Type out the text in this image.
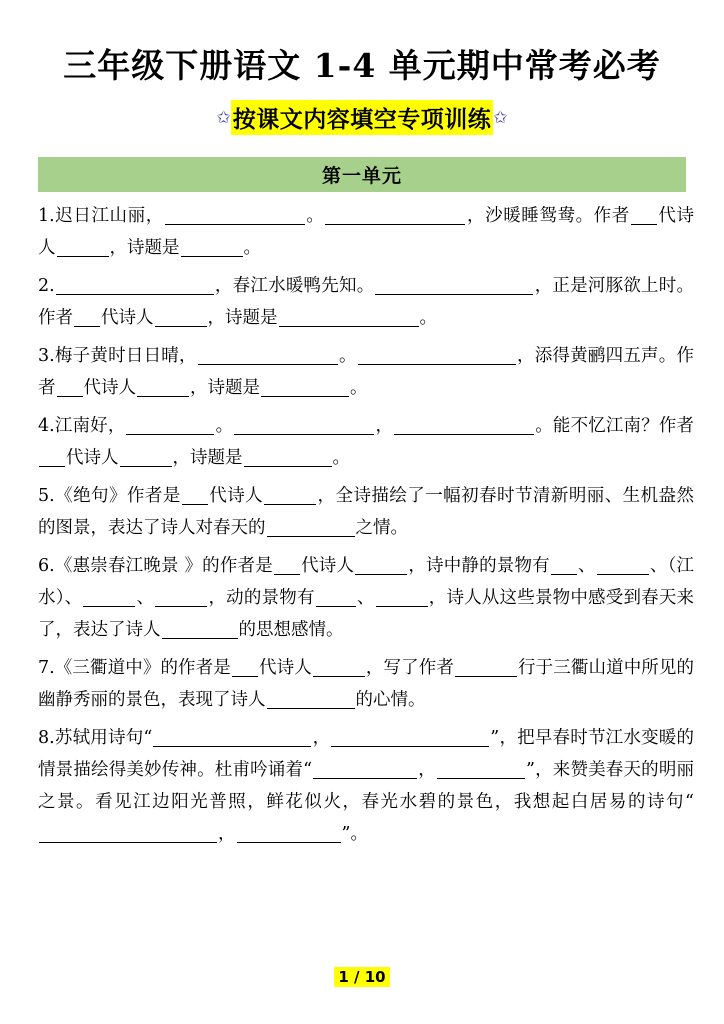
三年级下册语文 1-4 单元期中常考必考
✩ 按课文内容填空专项训练 ✩
第一单元
1.迟日江山丽，	。	，沙暖睡鸳鸯。作者 代诗人	，诗题是	。
2.	，春江水暖鸭先知。	，正是河豚欲上时。作者 代诗人	，诗题是	。
3.梅子黄时日日晴，	。	，添得黄鹂四五声。作者 代诗人	，诗题是	。
4.江南好，	。	，	。能不忆江南？作者代诗人	，诗题是	。
5.《绝句》作者是 代诗人	，全诗描绘了一幅初春时节清新明丽、生机盎然的图景，表达了诗人对春天的	之情。
6.《惠崇春江晚景 》的作者是 代诗人	，诗中静的景物有 、	、（江水）、	、	，动的景物有 、	，诗人从这些景物中感受到春天来了，表达了诗人	的思想感情。
7.《三衢道中》的作者是 代诗人	，写了作者	行于三衢山道中所见的幽静秀丽的景色，表现了诗人	的心情。
8.苏轼用诗句“	，	”，把早春时节江水变暖的情景描绘得美妙传神。杜甫吟诵着“	，	”，来赞美春天的明丽之景。看见江边阳光普照，鲜花似火，春光水碧的景色，我想起白居易的诗句“，	”。
1 / 10
